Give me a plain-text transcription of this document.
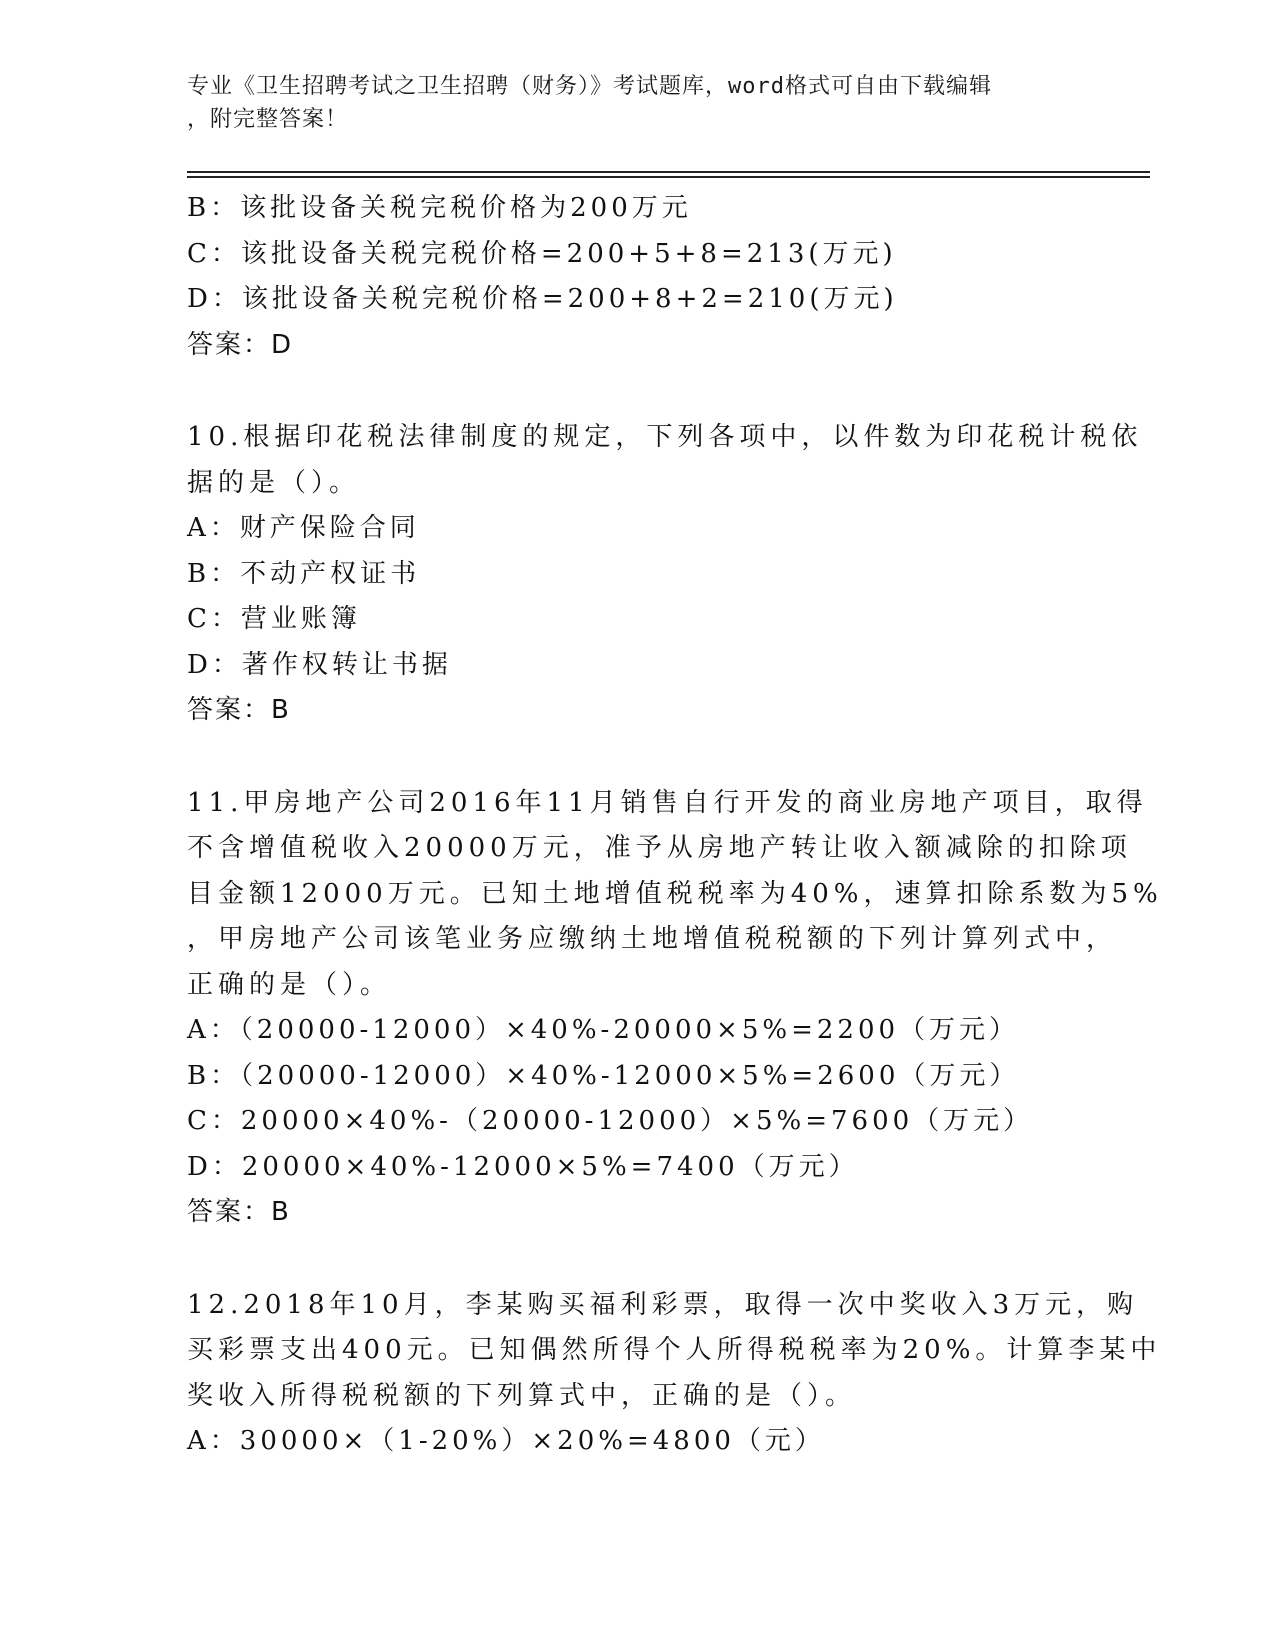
专业《卫生招聘考试之卫生招聘（财务）》考试题库，word格式可自由下载编辑
，附完整答案！
B：该批设备关税完税价格为200万元
C：该批设备关税完税价格=200+5+8=213(万元)
D：该批设备关税完税价格=200+8+2=210(万元)
答案：D
10.根据印花税法律制度的规定，下列各项中，以件数为印花税计税依
据的是（）。
A：财产保险合同
B：不动产权证书
C：营业账簿
D：著作权转让书据
答案：B
11.甲房地产公司2016年11月销售自行开发的商业房地产项目，取得
不含增值税收入20000万元，准予从房地产转让收入额减除的扣除项
目金额12000万元。已知土地增值税税率为40%，速算扣除系数为5%
，甲房地产公司该笔业务应缴纳土地增值税税额的下列计算列式中，
正确的是（）。
A：（20000-12000）×40%-20000×5%=2200（万元）
B：（20000-12000）×40%-12000×5%=2600（万元）
C：20000×40%-（20000-12000）×5%=7600（万元）
D：20000×40%-12000×5%=7400（万元）
答案：B
12.2018年10月，李某购买福利彩票，取得一次中奖收入3万元，购
买彩票支出400元。已知偶然所得个人所得税税率为20%。计算李某中
奖收入所得税税额的下列算式中，正确的是（）。
A：30000×（1-20%）×20%=4800（元）
